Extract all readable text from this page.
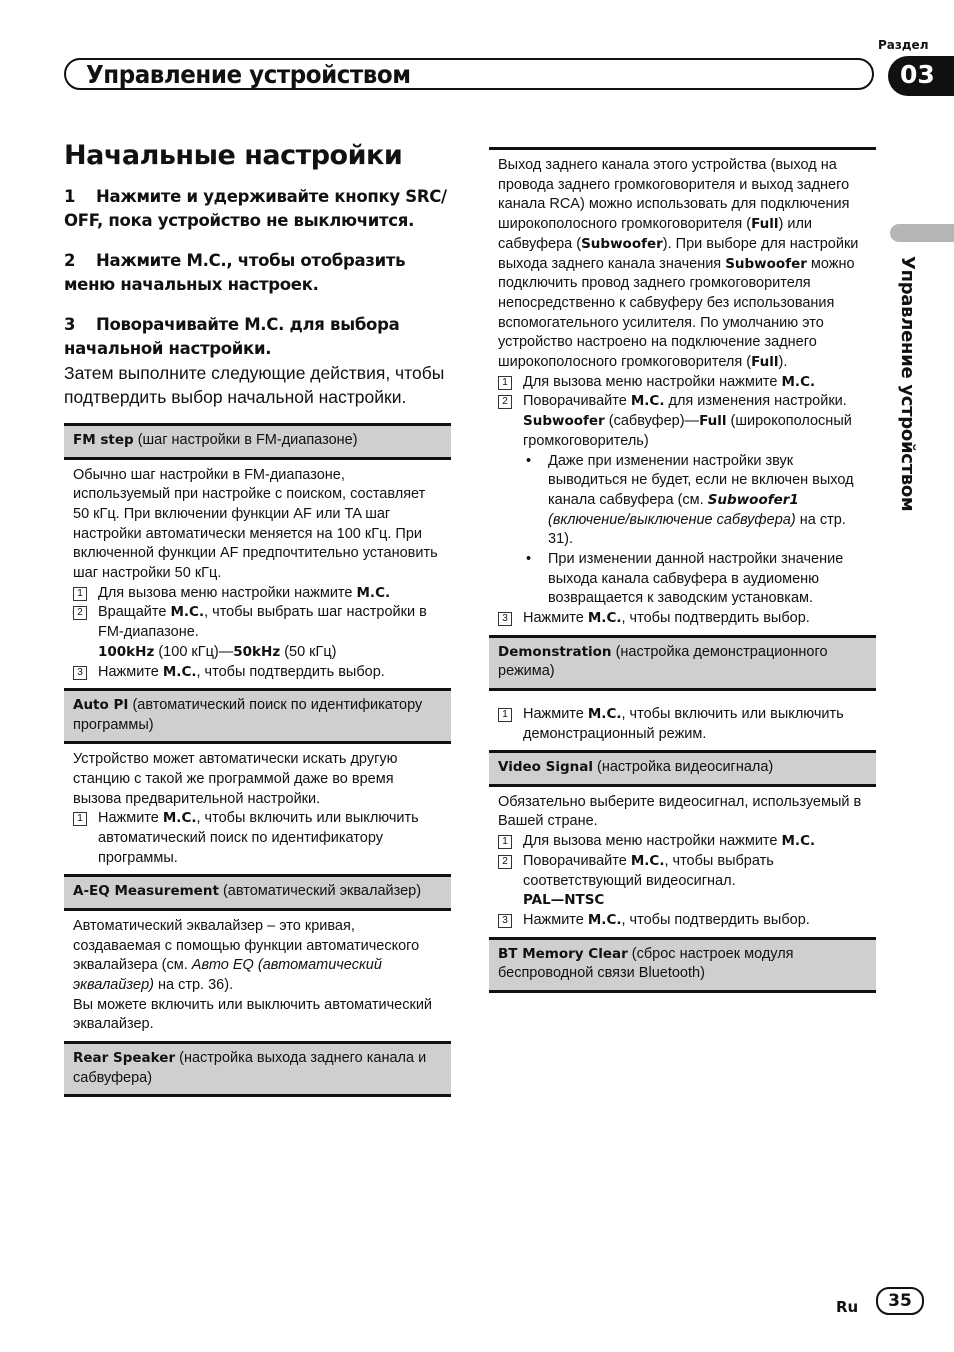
Раздел
Управление устройством	03
Управление устройством
Начальные настройки
1 Нажмите и удерживайте кнопку SRC/ OFF, пока устройство не выключится.
2 Нажмите M.C., чтобы отобразить меню начальных настроек.
3 Поворачивайте M.C. для выбора начальной настройки.
Затем выполните следующие действия, чтобы подтвердить выбор начальной настройки.
FM step (шаг настройки в FM-диапазоне)

Обычно шаг настройки в FM-диапазоне, используемый при настройке с поиском, составляет 50 кГц. При включении функции AF или TA шаг настройки автоматически меняется на 100 кГц. При включенной функции AF предпочтительно установить шаг настройки 50 кГц.

1 Для вызова меню настройки нажмите M.C.
2 Вращайте M.C., чтобы выбрать шаг настройки в FM-диапазоне.
100kHz (100 кГц)—50kHz (50 кГц)
3 Нажмите M.C., чтобы подтвердить выбор.
Auto PI (автоматический поиск по идентификатору программы)

Устройство может автоматически искать другую станцию с такой же программой даже во время вызова предварительной настройки.

1 Нажмите M.C., чтобы включить или выключить автоматический поиск по идентификатору программы.
A-EQ Measurement (автоматический эквалайзер)

Автоматический эквалайзер – это кривая, создаваемая с помощью функции автоматического эквалайзера (см. Авто EQ (автоматический эквалайзер) на стр. 36).

Вы можете включить или выключить автоматический эквалайзер.

Rear Speaker (настройка выхода заднего канала и сабвуфера)

Выход заднего канала этого устройства (выход на провода заднего громкоговорителя и выход заднего канала RCA) можно использовать для подключения широкополосного громкоговорителя (Full) или сабвуфера (Subwoofer). При выборе для настройки выхода заднего канала значения Subwoofer можно подключить провод заднего громкоговорителя непосредственно к сабвуферу без использования вспомогательного усилителя. По умолчанию это устройство настроено на подключение заднего широкополосного громкоговорителя (Full).

1 Для вызова меню настройки нажмите M.C.
2 Поворачивайте M.C. для изменения настройки.
Subwoofer (сабвуфер)—Full (широкополосный громкоговоритель)
• Даже при изменении настройки звук выводиться не будет, если не включен выход канала сабвуфера (см. Subwoofer1 (включение/выключение сабвуфера) на стр. 31).
• При изменении данной настройки значение выхода канала сабвуфера в аудиоменю возвращается к заводским установкам.
3 Нажмите M.C., чтобы подтвердить выбор.
Demonstration (настройка демонстрационного режима)
1 Нажмите M.C., чтобы включить или выключить демонстрационный режим.
Video Signal (настройка видеосигнала)

Обязательно выберите видеосигнал, используемый в Вашей стране.

1 Для вызова меню настройки нажмите M.C.
2 Поворачивайте M.C., чтобы выбрать соответствующий видеосигнал.
PAL—NTSC
3 Нажмите M.C., чтобы подтвердить выбор.
BT Memory Clear (сброс настроек модуля беспроводной связи Bluetooth)
Ru	35
